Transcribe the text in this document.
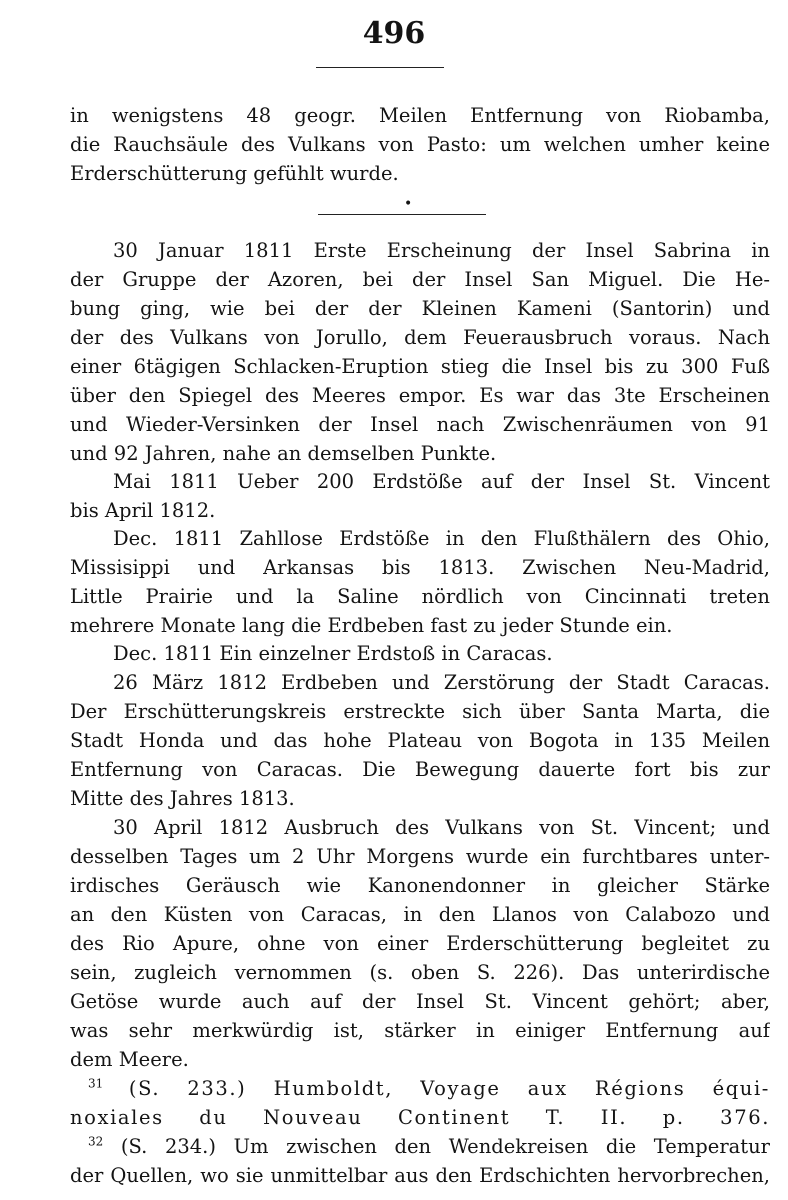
496
in wenigstens 48 geogr. Meilen Entfernung von Riobamba,
die Rauchsäule des Vulkans von Pasto: um welchen umher keine
Erderschütterung gefühlt wurde.
•
30 Januar 1811 Erste Erscheinung der Insel Sabrina in
der Gruppe der Azoren, bei der Insel San Miguel. Die He-
bung ging, wie bei der der Kleinen Kameni (Santorin) und
der des Vulkans von Jorullo, dem Feuerausbruch voraus. Nach
einer 6tägigen Schlacken-Eruption stieg die Insel bis zu 300 Fuß
über den Spiegel des Meeres empor. Es war das 3te Erscheinen
und Wieder-Versinken der Insel nach Zwischenräumen von 91
und 92 Jahren, nahe an demselben Punkte.
Mai 1811 Ueber 200 Erdstöße auf der Insel St. Vincent
bis April 1812.
Dec. 1811 Zahllose Erdstöße in den Flußthälern des Ohio,
Missisippi und Arkansas bis 1813. Zwischen Neu-Madrid,
Little Prairie und la Saline nördlich von Cincinnati treten
mehrere Monate lang die Erdbeben fast zu jeder Stunde ein.
Dec. 1811 Ein einzelner Erdstoß in Caracas.
26 März 1812 Erdbeben und Zerstörung der Stadt Caracas.
Der Erschütterungskreis erstreckte sich über Santa Marta, die
Stadt Honda und das hohe Plateau von Bogota in 135 Meilen
Entfernung von Caracas. Die Bewegung dauerte fort bis zur
Mitte des Jahres 1813.
30 April 1812 Ausbruch des Vulkans von St. Vincent; und
desselben Tages um 2 Uhr Morgens wurde ein furchtbares unter-
irdisches Geräusch wie Kanonendonner in gleicher Stärke
an den Küsten von Caracas, in den Llanos von Calabozo und
des Rio Apure, ohne von einer Erderschütterung begleitet zu
sein, zugleich vernommen (s. oben S. 226). Das unterirdische
Getöse wurde auch auf der Insel St. Vincent gehört; aber,
was sehr merkwürdig ist, stärker in einiger Entfernung auf
dem Meere.
$^{31}$ (S. 233.) Humboldt, Voyage aux Régions équi-
noxiales du Nouveau Continent T. II. p. 376.
$^{32}$ (S. 234.) Um zwischen den Wendekreisen die Temperatur
der Quellen, wo sie unmittelbar aus den Erdschichten hervorbrechen,
